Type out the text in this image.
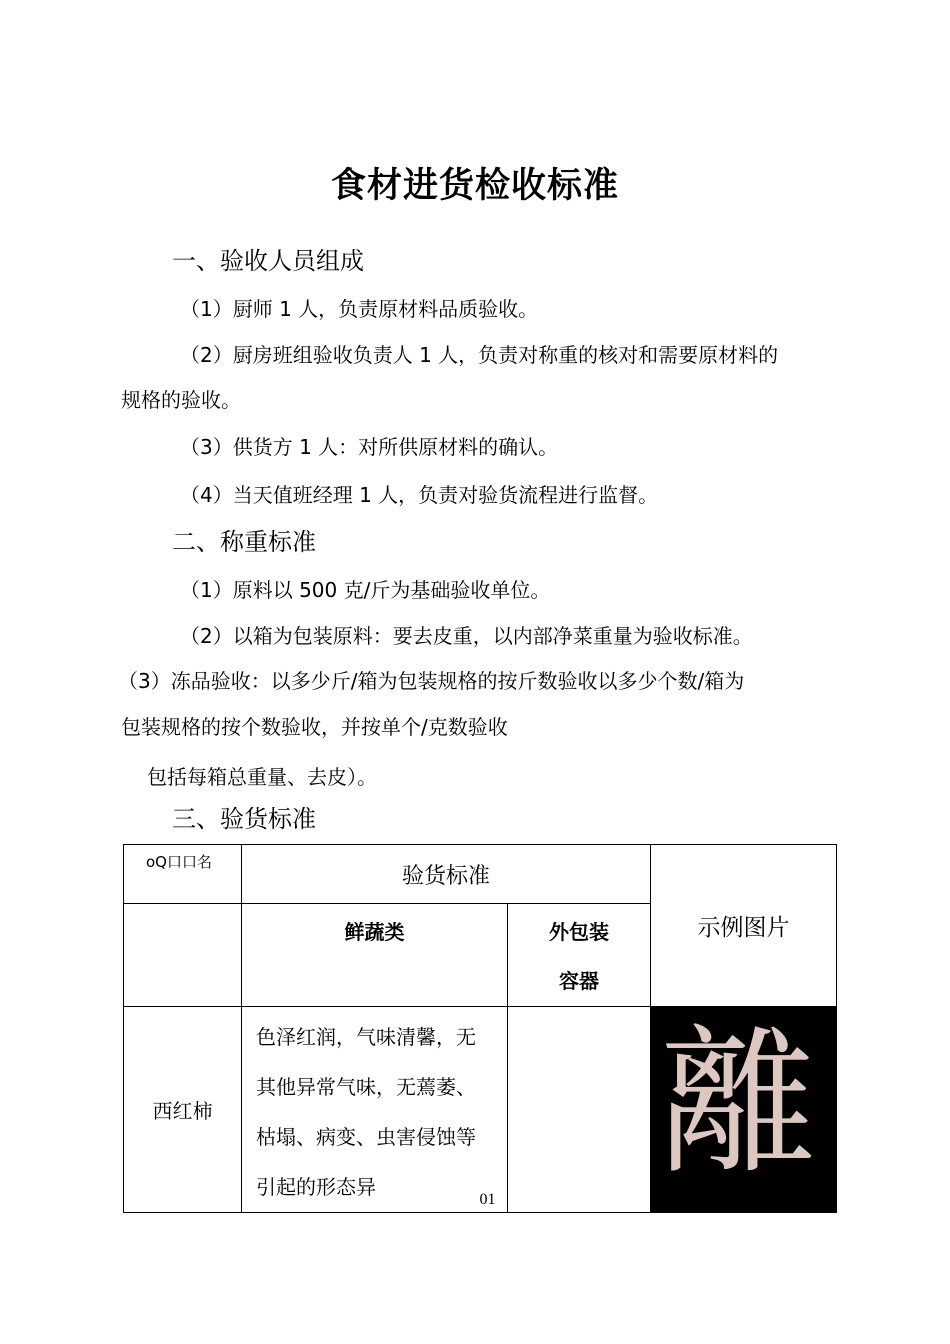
食材进货检收标准
一、验收人员组成
（1）厨师 1 人，负责原材料品质验收。
（2）厨房班组验收负责人 1 人，负责对称重的核对和需要原材料的
规格的验收。
（3）供货方 1 人：对所供原材料的确认。
（4）当天值班经理 1 人，负责对验货流程进行监督。
二、称重标准
（1）原料以 500 克/斤为基础验收单位。
（2）以箱为包装原料：要去皮重，以内部净菜重量为验收标准。
（3）冻品验收：以多少斤/箱为包装规格的按斤数验收以多少个数/箱为
包装规格的按个数验收，并按单个/克数验收
包括每箱总重量、去皮）。
三、验货标准
oQ口口名	验货标准		示例图片
	鲜蔬类	外包装
容器	

西红柿	色泽红润，气味清馨，无
其他异常气味，无蔫萎、
枯塌、病变、虫害侵蚀等
引起的形态异		離
01
